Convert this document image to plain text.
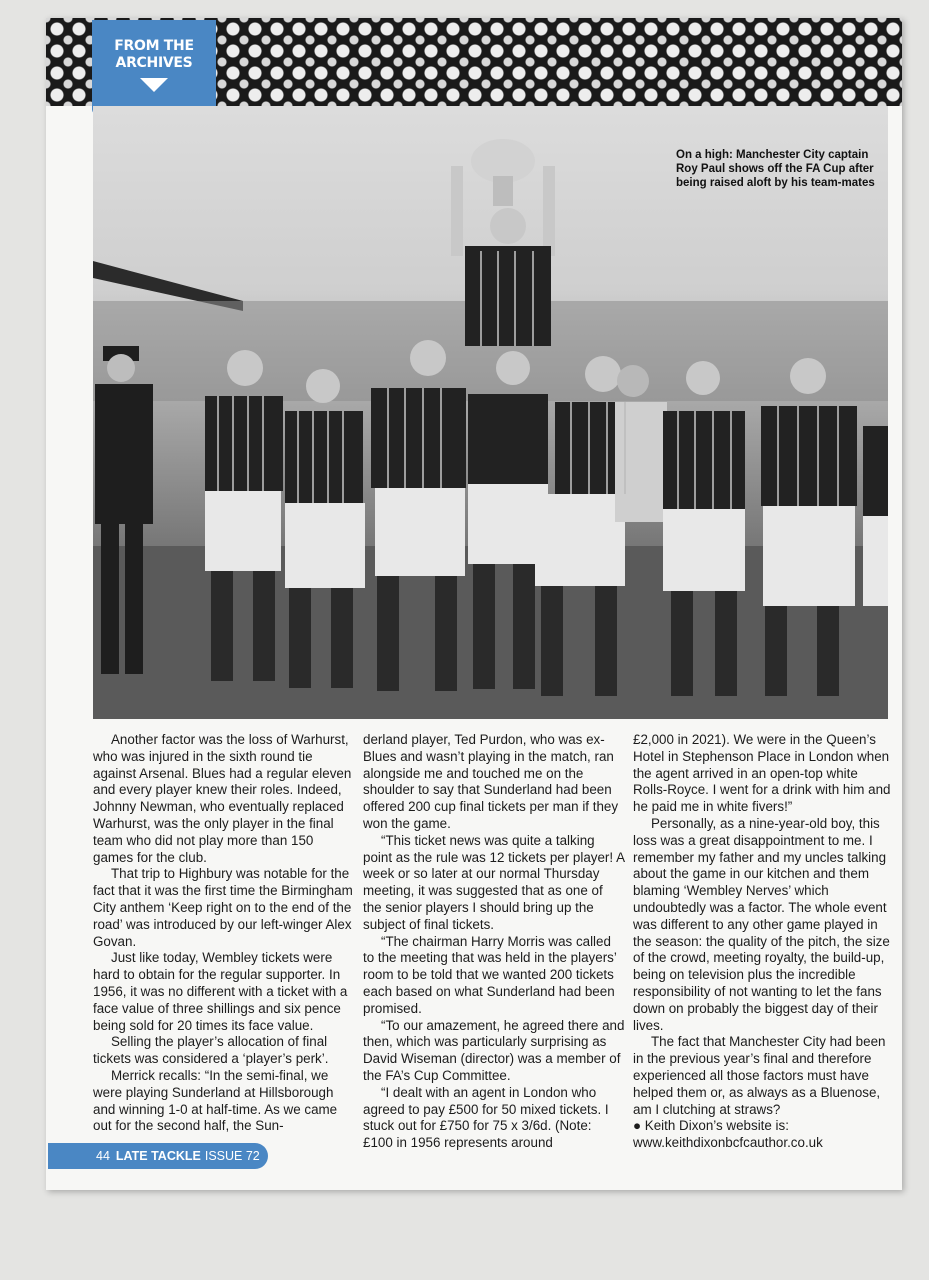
FROM THE
ARCHIVES
On a high: Manchester City captain Roy Paul shows off the FA Cup after being raised aloft by his team-mates

Another factor was the loss of Warhurst, who was injured in the sixth round tie against Arsenal. Blues had a regular eleven and every player knew their roles. Indeed, Johnny Newman, who eventually replaced Warhurst, was the only player in the final team who did not play more than 150 games for the club.

That trip to Highbury was notable for the fact that it was the first time the Birmingham City anthem ‘Keep right on to the end of the road’ was introduced by our left-winger Alex Govan.

Just like today, Wembley tickets were hard to obtain for the regular supporter. In 1956, it was no different with a ticket with a face value of three shillings and six pence being sold for 20 times its face value.

Selling the player’s allocation of final tickets was considered a ‘player’s perk’.

Merrick recalls: “In the semi-final, we were playing Sunderland at Hillsborough and winning 1-0 at half-time. As we came out for the second half, the Sun-

derland player, Ted Purdon, who was ex-Blues and wasn’t playing in the match, ran alongside me and touched me on the shoulder to say that Sunderland had been offered 200 cup final tickets per man if they won the game.

“This ticket news was quite a talking point as the rule was 12 tickets per player! A week or so later at our normal Thursday meeting, it was suggested that as one of the senior players I should bring up the subject of final tickets.

“The chairman Harry Morris was called to the meeting that was held in the players’ room to be told that we wanted 200 tickets each based on what Sunderland had been promised.

“To our amazement, he agreed there and then, which was particularly surprising as David Wiseman (director) was a member of the FA’s Cup Committee.

“I dealt with an agent in London who agreed to pay £500 for 50 mixed tickets. I stuck out for £750 for 75 x 3/6d. (Note: £100 in 1956 represents around

£2,000 in 2021). We were in the Queen’s Hotel in Stephenson Place in London when the agent arrived in an open-top white Rolls-Royce. I went for a drink with him and he paid me in white fivers!”

Personally, as a nine-year-old boy, this loss was a great disappointment to me. I remember my father and my uncles talking about the game in our kitchen and them blaming ‘Wembley Nerves’ which undoubtedly was a factor. The whole event was different to any other game played in the season: the quality of the pitch, the size of the crowd, meeting royalty, the build-up, being on television plus the incredible responsibility of not wanting to let the fans down on probably the biggest day of their lives.

The fact that Manchester City had been in the previous year’s final and therefore experienced all those factors must have helped them or, as always as a Bluenose, am I clutching at straws?

● Keith Dixon’s website is: www.keithdixonbcfcauthor.co.uk

44 LATE TACKLE ISSUE 72
